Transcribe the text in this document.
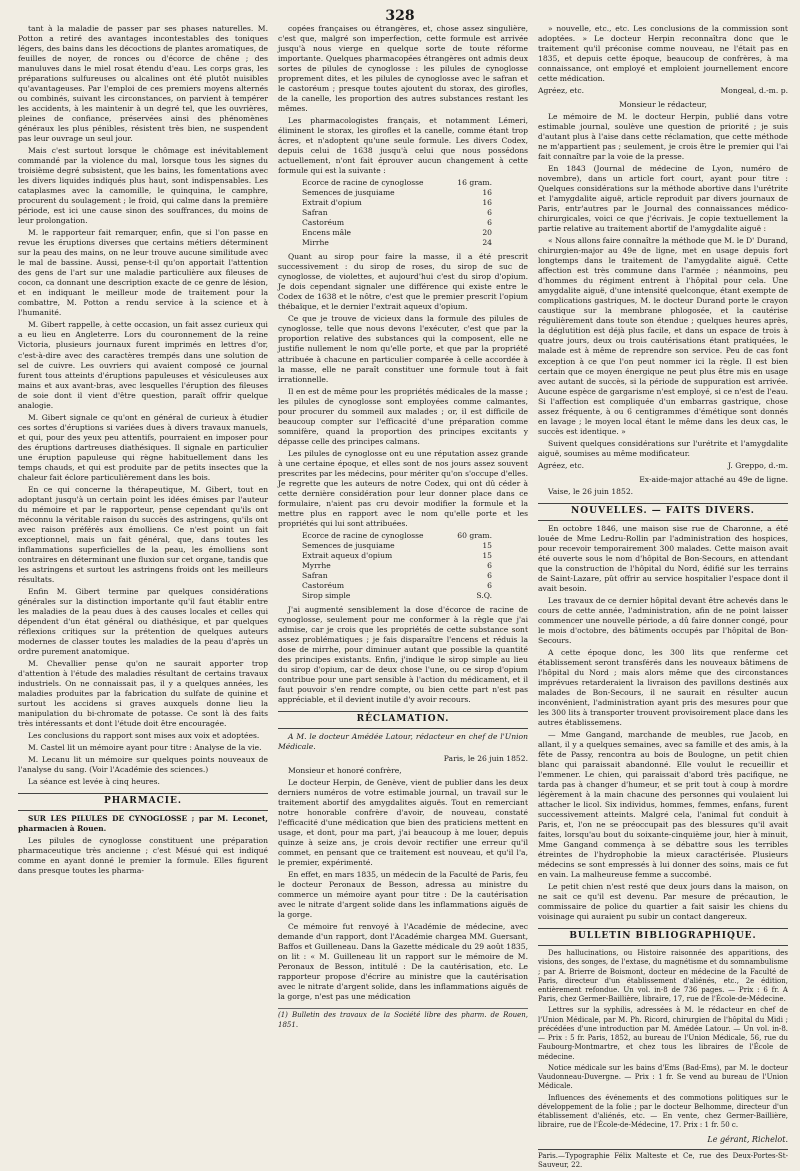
328

tant à la maladie de passer par ses phases naturelles. M. Potton a retiré des avantages incontestables des toniques légers, des bains dans les décoctions de plantes aromatiques, de feuilles de noyer, de ronces ou d'écorce de chêne ; des manuluves dans le miel rosat étendu d'eau. Les corps gras, les préparations sulfureuses ou alcalines ont été plutôt nuisibles qu'avantageuses. Par l'emploi de ces premiers moyens alternés ou combinés, suivant les circonstances, on parvient à tempérer les accidents, à les maintenir à un degré tel, que les ouvrières, pleines de confiance, préservées ainsi des phénomènes généraux les plus pénibles, résistent très bien, ne suspendent pas leur ouvrage un seul jour.

Mais c'est surtout lorsque le chômage est inévitablement commandé par la violence du mal, lorsque tous les signes du troisième degré subsistent, que les bains, les fomentations avec les divers liquides indiqués plus haut, sont indispensables. Les cataplasmes avec la camomille, le quinquina, le camphre, procurent du soulagement ; le froid, qui calme dans la première période, est ici une cause sinon des souffrances, du moins de leur prolongation.

M. le rapporteur fait remarquer, enfin, que si l'on passe en revue les éruptions diverses que certains métiers déterminent sur la peau des mains, on ne leur trouve aucune similitude avec le mal de bassine. Aussi, pense-t-il qu'on apportait l'attention des gens de l'art sur une maladie particulière aux fileuses de cocon, ca donnant une description exacte de ce genre de lésion, et en indiquant le meilleur mode de traitement pour la combattre, M. Potton a rendu service à la science et à l'humanité.

M. Gibert rappelle, à cette occasion, un fait assez curieux qui a eu lieu en Angleterre. Lors du couronnement de la reine Victoria, plusieurs journaux furent imprimés en lettres d'or, c'est-à-dire avec des caractères trempés dans une solution de sel de cuivre. Les ouvriers qui avaient composé ce journal furent tous atteints d'éruptions papuleuses et vésiculeuses aux mains et aux avant-bras, avec lesquelles l'éruption des fileuses de soie dont il vient d'être question, paraît offrir quelque analogie.

M. Gibert signale ce qu'ont en général de curieux à étudier ces sortes d'éruptions si variées dues à divers travaux manuels, et qui, pour des yeux peu attentifs, pourraient en imposer pour des éruptions dartreuses diathésiques. Il signale en particulier une éruption papuleuse qui règne habituellement dans les temps chauds, et qui est produite par de petits insectes que la chaleur fait éclore particulièrement dans les bois.

En ce qui concerne la thérapeutique, M. Gibert, tout en adoptant jusqu'à un certain point les idées émises par l'auteur du mémoire et par le rapporteur, pense cependant qu'ils ont méconnu la véritable raison du succès des astringens, qu'ils ont avec raison préférés aux émolliens. Ce n'est point un fait exceptionnel, mais un fait général, que, dans toutes les inflammations superficielles de la peau, les émolliens sont contraires en déterminant une fluxion sur cet organe, tandis que les astringens et surtout les astringens froids ont les meilleurs résultats.

Enfin M. Gibert termine par quelques considérations générales sur la distinction importante qu'il faut établir entre les maladies de la peau dues à des causes locales et celles qui dépendent d'un état général ou diathésique, et par quelques réflexions critiques sur la prétention de quelques auteurs modernes de classer toutes les maladies de la peau d'après un ordre purement anatomique.

M. Chevallier pense qu'on ne saurait apporter trop d'attention à l'étude des maladies résultant de certains travaux industriels. On ne connaissait pas, il y a quelques années, les maladies produites par la fabrication du sulfate de quinine et surtout les accidens si graves auxquels donne lieu la manipulation du bi-chromate de potasse. Ce sont là des faits très intéressants et dont l'étude doit être encouragée.

Les conclusions du rapport sont mises aux voix et adoptées.

M. Castel lit un mémoire ayant pour titre : Analyse de la vie.

M. Lecanu lit un mémoire sur quelques points nouveaux de l'analyse du sang. (Voir l'Académie des sciences.)

La séance est levée à cinq heures.

PHARMACIE.

SUR LES PILULES DE CYNOGLOSSE ; par M. Leconet, pharmacien à Rouen.

Les pilules de cynoglosse constituent une préparation pharmaceutique très ancienne ; c'est Mésué qui est indiqué comme en ayant donné le premier la formule. Elles figurent dans presque toutes les pharma-

copées françaises ou étrangères, et, chose assez singulière, c'est que, malgré son imperfection, cette formule est arrivée jusqu'à nous vierge en quelque sorte de toute réforme importante. Quelques pharmacopées étrangères ont admis deux sortes de pilules de cynoglosse : les pilules de cynoglosse proprement dites, et les pilules de cynoglosse avec le safran et le castoréum ; presque toutes ajoutent du storax, des girofles, de la canelle, les proportion des autres substances restant les mêmes.

Les pharmacologistes français, et notamment Lémeri, éliminent le storax, les girofles et la canelle, comme étant trop âcres, et n'adoptent qu'une seule formule. Les divers Codex, depuis celui de 1638 jusqu'à celui que nous possédons actuellement, n'ont fait éprouver aucun changement à cette formule qui est la suivante :

Ecorce de racine de cynoglosse	16 gram.
Semences de jusquiame	16
Extrait d'opium	16
Safran	6
Castoréum	6
Encens mâle	20
Mirrhe	24

Quant au sirop pour faire la masse, il a été prescrit successivement : du sirop de roses, du sirop de suc de cynoglosse, de violettes, et aujourd'hui c'est du sirop d'opium. Je dois cependant signaler une différence qui existe entre le Codex de 1638 et le nôtre, c'est que le premier prescrit l'opium thébaïque, et le dernier l'extrait aqueux d'opium.

Ce que je trouve de vicieux dans la formule des pilules de cynoglosse, telle que nous devons l'exécuter, c'est que par la proportion relative des substances qui la composent, elle ne justifie nullement le nom qu'elle porte, et que par la propriété attribuée à chacune en particulier comparée à celle accordée à la masse, elle ne paraît constituer une formule tout à fait irrationnelle.

Il en est de même pour les propriétés médicales de la masse ; les pilules de cynoglosse sont employées comme calmantes, pour procurer du sommeil aux malades ; or, il est difficile de beaucoup compter sur l'efficacité d'une préparation comme somnifère, quand la proportion des principes excitants y dépasse celle des principes calmans.

Les pilules de cynoglosse ont eu une réputation assez grande à une certaine époque, et elles sont de nos jours assez souvent prescrites par les médecins, pour mériter qu'on s'occupe d'elles. Je regrette que les auteurs de notre Codex, qui ont dû céder à cette dernière considération pour leur donner place dans ce formulaire, n'aient pas cru devoir modifier la formule et la mettre plus en rapport avec le nom qu'elle porte et les propriétés qui lui sont attribuées.

Ecorce de racine de cynoglosse	60 gram.
Semences de jusquiame	15
Extrait aqueux d'opium	15
Myrrhe	6
Safran	6
Castoréum	6
Sirop simple	S.Q.

J'ai augmenté sensiblement la dose d'écorce de racine de cynoglosse, seulement pour me conformer à la règle que j'ai admise, car je crois que les propriétés de cette substance sont assez problématiques ; je fais disparaître l'encens et réduis la dose de mirrhe, pour diminuer autant que possible la quantité des principes existants. Enfin, j'indique le sirop simple au lieu du sirop d'opium, car de deux chose l'une, ou ce sirop d'opium contribue pour une part sensible à l'action du médicament, et il faut pouvoir s'en rendre compte, ou bien cette part n'est pas appréciable, et il devient inutile d'y avoir recours.

RÉCLAMATION.

A M. le docteur Amédée Latour, rédacteur en chef de l'Union Médicale.

Paris, le 26 juin 1852.

Monsieur et honoré confrère,

Le docteur Herpin, de Genève, vient de publier dans les deux derniers numéros de votre estimable journal, un travail sur le traitement abortif des amygdalites aiguës. Tout en remerciant notre honorable confrère d'avoir, de nouveau, constaté l'efficacité d'une médication que bien des praticiens mettent en usage, et dont, pour ma part, j'ai beaucoup à me louer, depuis quinze à seize ans, je crois devoir rectifier une erreur qu'il commet, en pensant que ce traitement est nouveau, et qu'il l'a, le premier, expérimenté.

En effet, en mars 1835, un médecin de la Faculté de Paris, feu le docteur Peronaux de Besson, adressa au ministre du commerce un mémoire ayant pour titre : De la cautérisation avec le nitrate d'argent solide dans les inflammations aiguës de la gorge.

Ce mémoire fut renvoyé à l'Académie de médecine, avec demande d'un rapport, dont l'Académie chargea MM. Guersant, Baffos et Guilleneau. Dans la Gazette médicale du 29 août 1835, on lit : « M. Guilleneau lit un rapport sur le mémoire de M. Peronaux de Besson, intitulé : De la cautérisation, etc. Le rapporteur propose d'écrire au ministre que la cautérisation avec le nitrate d'argent solide, dans les inflammations aiguës de la gorge, n'est pas une médication

(1) Bulletin des travaux de la Société libre des pharm. de Rouen, 1851.

» nouvelle, etc., etc. Les conclusions de la commission sont adoptées. » Le docteur Herpin reconnaîtra donc que le traitement qu'il préconise comme nouveau, ne l'était pas en 1835, et depuis cette époque, beaucoup de confrères, à ma connaissance, ont employé et emploient journellement encore cette médication.

Agréez, etc.	Mongeal, d.-m. p.

Monsieur le rédacteur,

Le mémoire de M. le docteur Herpin, publié dans votre estimable journal, soulève une question de priorité ; je suis d'autant plus à l'aise dans cette réclamation, que cette méthode ne m'appartient pas ; seulement, je crois être le premier qui l'ai fait connaître par la voie de la presse.

En 1843 (Journal de médecine de Lyon, numéro de novembre), dans un article fort court, ayant pour titre : Quelques considérations sur la méthode abortive dans l'urétrite et l'amygdalite aiguë, article reproduit par divers journaux de Paris, entr'autres par le Journal des connaissances médico-chirurgicales, voici ce que j'écrivais. Je copie textuellement la partie relative au traitement abortif de l'amygdalite aiguë :

« Nous allons faire connaître la méthode que M. le D' Durand, chirurgien-major au 49e de ligne, met en usage depuis fort longtemps dans le traitement de l'amygdalite aiguë. Cette affection est très commune dans l'armée ; néanmoins, peu d'hommes du régiment entrent à l'hôpital pour cela. Une amygdalite aiguë, d'une intensité quelconque, étant exempte de complications gastriques, M. le docteur Durand porte le crayon caustique sur la membrane phlogosée, et la cautérise régulièrement dans toute son étendue ; quelques heures après, la déglutition est déjà plus facile, et dans un espace de trois à quatre jours, deux ou trois cautérisations étant pratiquées, le malade est à même de reprendre son service. Peu de cas font exception à ce que l'on peut nommer ici la règle. Il est bien certain que ce moyen énergique ne peut plus être mis en usage avec autant de succès, si la période de suppuration est arrivée. Aucune espèce de gargarisme n'est employé, si ce n'est de l'eau. Si l'affection est compliquée d'un embarras gastrique, chose assez fréquente, à ou 6 centigrammes d'émétique sont donnés en lavage ; le moyen local étant le même dans les deux cas, le succès est identique. »

Suivent quelques considérations sur l'urétrite et l'amygdalite aiguë, soumises au même modificateur.

Agréez, etc.	J. Greppo, d.-m.

Ex-aide-major attaché au 49e de ligne.

Vaise, le 26 juin 1852.

NOUVELLES. — FAITS DIVERS.

En octobre 1846, une maison sise rue de Charonne, a été louée de Mme Ledru-Rollin par l'administration des hospices, pour recevoir temporairement 300 malades. Cette maison avait été ouverte sous le nom d'hôpital de Bon-Secours, en attendant que la construction de l'hôpital du Nord, édifié sur les terrains de Saint-Lazare, pût offrir au service hospitalier l'espace dont il avait besoin.

Les travaux de ce dernier hôpital devant être achevés dans le cours de cette année, l'administration, afin de ne point laisser commencer une nouvelle période, a dû faire donner congé, pour le mois d'octobre, des bâtiments occupés par l'hôpital de Bon-Secours.

A cette époque donc, les 300 lits que renferme cet établissement seront transférés dans les nouveaux bâtimens de l'hôpital du Nord ; mais alors même que des circonstances imprévues retarderaient la livraison des pavillons destinés aux malades de Bon-Secours, il ne saurait en résulter aucun inconvénient, l'administration ayant pris des mesures pour que les 300 lits à transporter trouvent provisoirement place dans les autres établissemens.

— Mme Gangand, marchande de meubles, rue Jacob, en allant, il y a quelques semaines, avec sa famille et des amis, à la fête de Passy, rencontra au bois de Boulogne, un petit chien blanc qui paraissait abandonné. Elle voulut le recueillir et l'emmener. Le chien, qui paraissait d'abord très pacifique, ne tarda pas à changer d'humeur, et se prit tout à coup à mordre légèrement à la main chacune des personnes qui voulaient lui attacher le licol. Six individus, hommes, femmes, enfans, furent successivement atteints. Malgré cela, l'animal fut conduit à Paris, et, l'on ne se préoccupait pas des blessures qu'il avait faites, lorsqu'au bout du soixante-cinquième jour, hier à minuit, Mme Gangand commença à se débattre sous les terribles étreintes de l'hydrophobie la mieux caractérisée. Plusieurs médecins se sont empressés à lui donner des soins, mais ce fut en vain. La malheureuse femme a succombé.

Le petit chien n'est resté que deux jours dans la maison, on ne sait ce qu'il est devenu. Par mesure de précaution, le commissaire de police du quartier a fait saisir les chiens du voisinage qui auraient pu subir un contact dangereux.

BULLETIN BIBLIOGRAPHIQUE.

Des hallucinations, ou Histoire raisonnée des apparitions, des visions, des songes, de l'extase, du magnétisme et du somnambulisme ; par A. Brierre de Boismont, docteur en médecine de la Faculté de Paris, directeur d'un établissement d'aliénés, etc., 2e édition, entièrement refondue. Un vol. in-8 de 736 pages. — Prix : 6 fr. A Paris, chez Germer-Baillière, libraire, 17, rue de l'École-de-Médecine.

Lettres sur la syphilis, adressées à M. le rédacteur en chef de l'Union Médicale, par M. Ph. Ricord, chirurgien de l'hôpital du Midi ; précédées d'une introduction par M. Amédée Latour. — Un vol. in-8. — Prix : 5 fr. Paris, 1852, au bureau de l'Union Médicale, 56, rue du Faubourg-Montmartre, et chez tous les libraires de l'École de médecine.

Notice médicale sur les bains d'Ems (Bad-Ems), par M. le docteur Vaudonneau-Duvergne. — Prix : 1 fr. Se vend au bureau de l'Union Médicale.

Influences des événements et des commotions politiques sur le développement de la folie ; par le docteur Belhomme, directeur d'un établissement d'aliénés, etc. — En vente, chez Germer-Baillière, libraire, rue de l'École-de-Médecine, 17. Prix : 1 fr. 50 c.

Le gérant, Richelot.
Paris.—Typographie Félix Malteste et Ce, rue des Deux-Portes-St-Sauveur, 22.
